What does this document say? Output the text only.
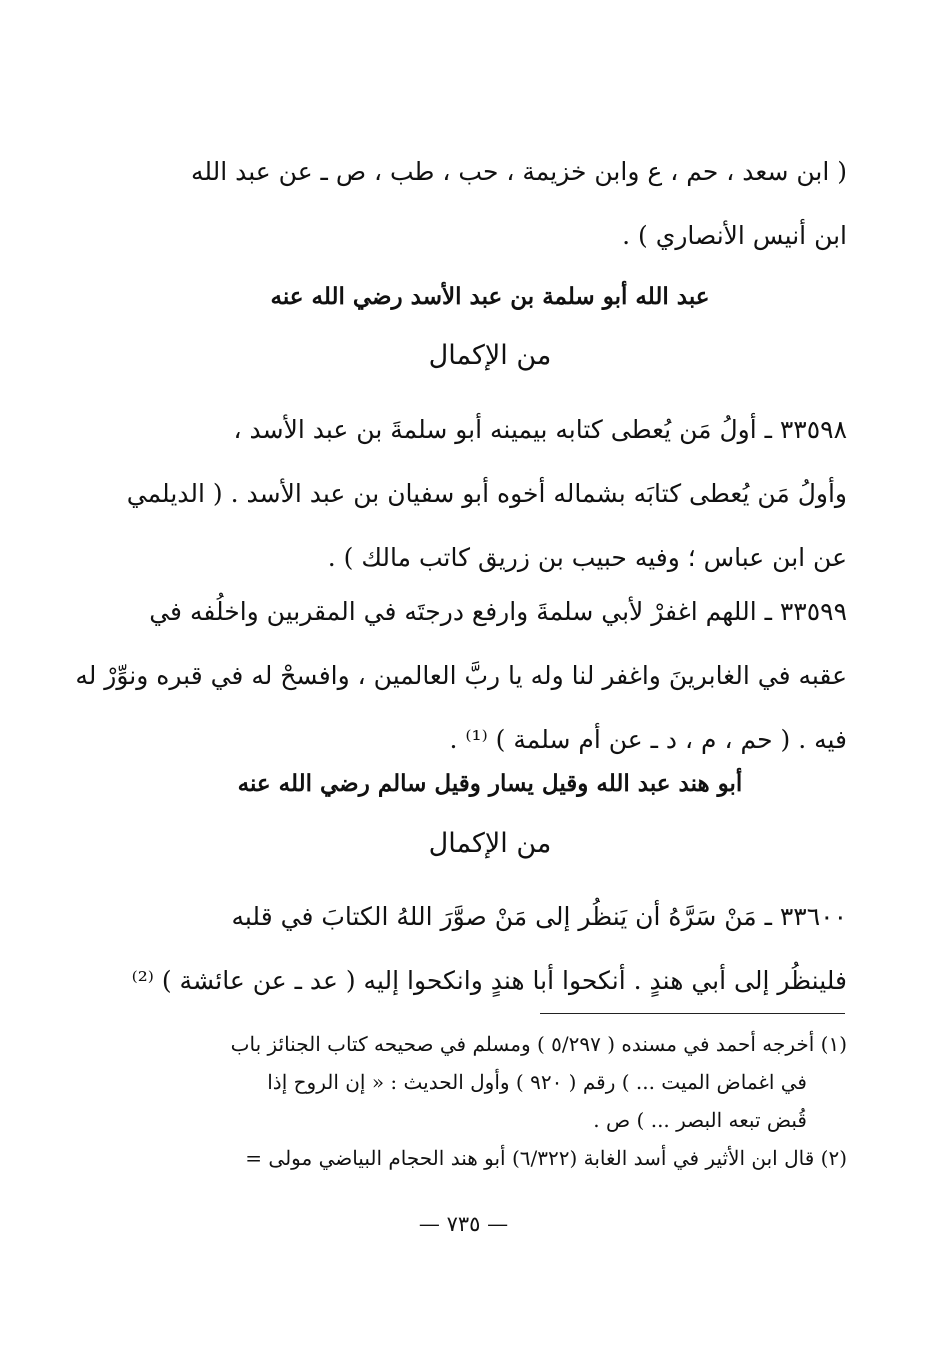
( ابن سعد ، حم ، ع وابن خزيمة ، حب ، طب ، ص ـ عن عبد الله
ابن أنيس الأنصاري ) .
عبد الله أبو سلمة بن عبد الأسد رضي الله عنه
من الإكمال
٣٣٥٩٨ ـ أولُ مَن يُعطى كتابه بيمينه أبو سلمةَ بن عبد الأسد ،
وأولُ مَن يُعطى كتابَه بشماله أخوه أبو سفيان بن عبد الأسد . ( الديلمي
عن ابن عباس ؛ وفيه حبيب بن زريق كاتب مالك ) .
٣٣٥٩٩ ـ اللهم اغفرْ لأبي سلمةَ وارفع درجتَه في المقربين واخلُفه في
عقبه في الغابرينَ واغفر لنا وله يا ربَّ العالمين ، وافسحْ له في قبره ونوِّرْ له
فيه . ( حم ، م ، د ـ عن أم سلمة ) ⁽¹⁾ .
أبو هند عبد الله وقيل يسار وقيل سالم رضي الله عنه
من الإكمال
٣٣٦٠٠ ـ مَنْ سَرَّهُ أن يَنظُر إلى مَنْ صوَّرَ اللهُ الكتابَ في قلبه
فلينظُر إلى أبي هندٍ . أنكحوا أبا هندٍ وانكحوا إليه ( عد ـ عن عائشة ) ⁽²⁾
(١) أخرجه أحمد في مسنده ( ٥/٢٩٧ ) ومسلم في صحيحه كتاب الجنائز باب
في اغماض الميت ... ) رقم ( ٩٢٠ ) وأول الحديث : « إن الروح إذا
قُبض تبعه البصر ... ) ص .
(٢) قال ابن الأثير في أسد الغابة (٦/٣٢٢) أبو هند الحجام البياضي مولى =
— ٧٣٥ —
